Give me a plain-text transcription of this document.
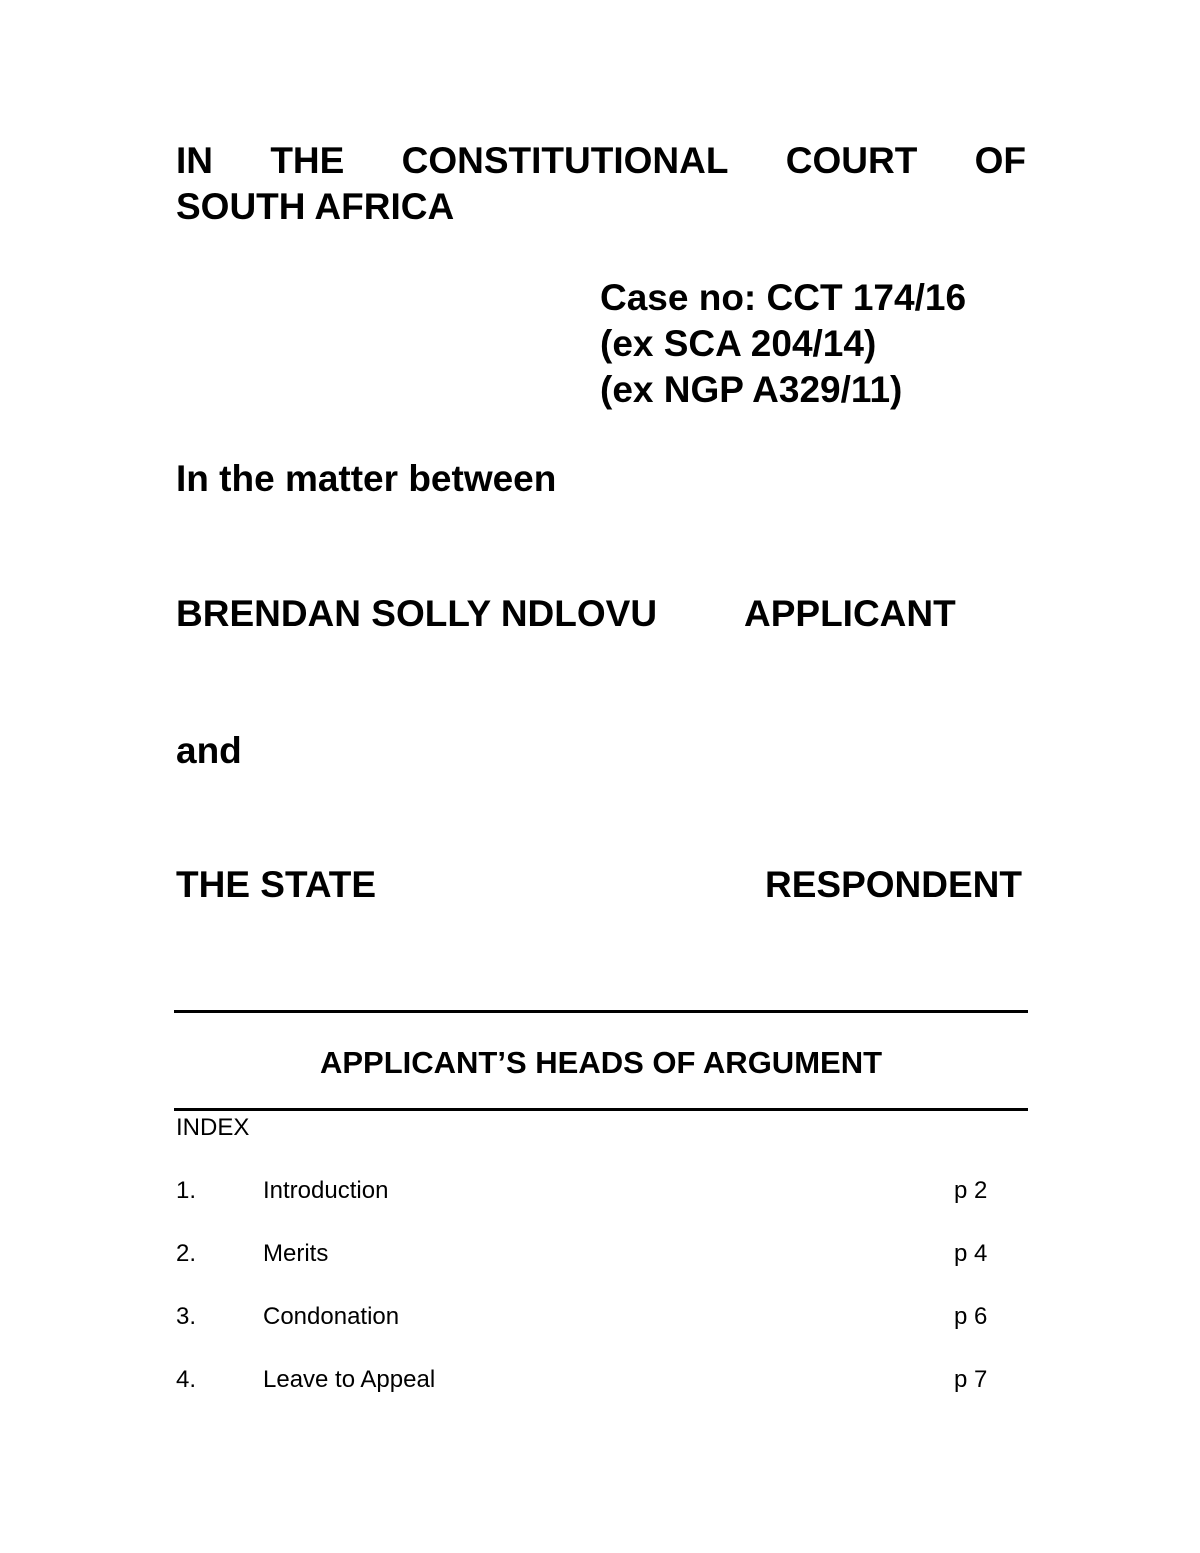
IN THE CONSTITUTIONAL COURT OF
SOUTH AFRICA
Case no: CCT 174/16
(ex SCA 204/14)
(ex NGP A329/11)
In the matter between
BRENDAN SOLLY NDLOVU APPLICANT
and
THE STATE	RESPONDENT
APPLICANT’S HEADS OF ARGUMENT
INDEX
1.	Introduction	p 2
2.	Merits	p 4
3.	Condonation	p 6
4.	Leave to Appeal	p 7
